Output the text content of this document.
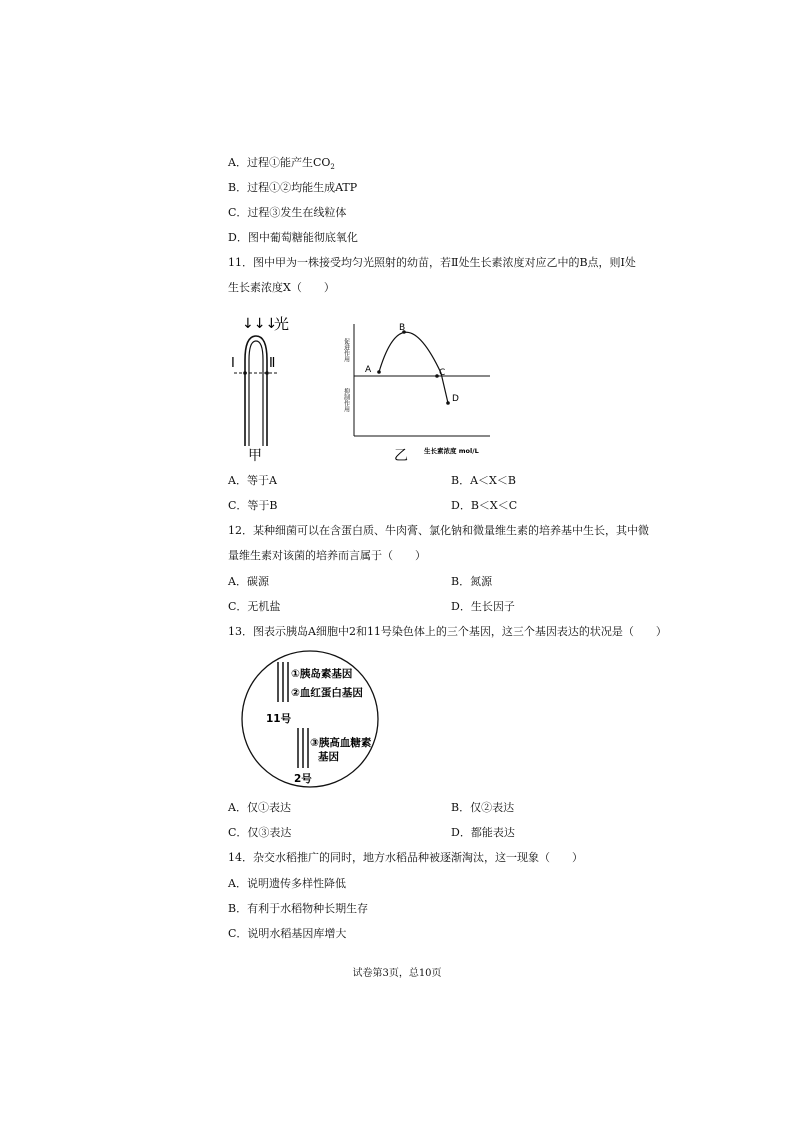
A．过程①能产生$CO_2$
B．过程①②均能生成ATP
C．过程③发生在线粒体
D．图中葡萄糖能彻底氧化
11．图中甲为一株接受均匀光照射的幼苗，若Ⅱ处生长素浓度对应乙中的B点，则Ⅰ处
生长素浓度X（　　）
↓↓↓
光
Ⅰ	Ⅱ
甲
A
B
C
D
促进作用
抑制作用
生长素浓度 mol/L
乙
A．等于A	B．A＜X＜B
C．等于B	D．B＜X＜C
12．某种细菌可以在含蛋白质、牛肉膏、氯化钠和微量维生素的培养基中生长，其中微
量维生素对该菌的培养而言属于（　　）
A．碳源	B．氮源
C．无机盐	D．生长因子
13．图表示胰岛A细胞中2和11号染色体上的三个基因，这三个基因表达的状况是（　　）
①胰岛素基因
②血红蛋白基因
11号
③胰高血糖素
基因
2号
A．仅①表达	B．仅②表达
C．仅③表达	D．都能表达
14．杂交水稻推广的同时，地方水稻品种被逐渐淘汰，这一现象（　　）
A．说明遗传多样性降低
B．有利于水稻物种长期生存
C．说明水稻基因库增大
试卷第3页，总10页
